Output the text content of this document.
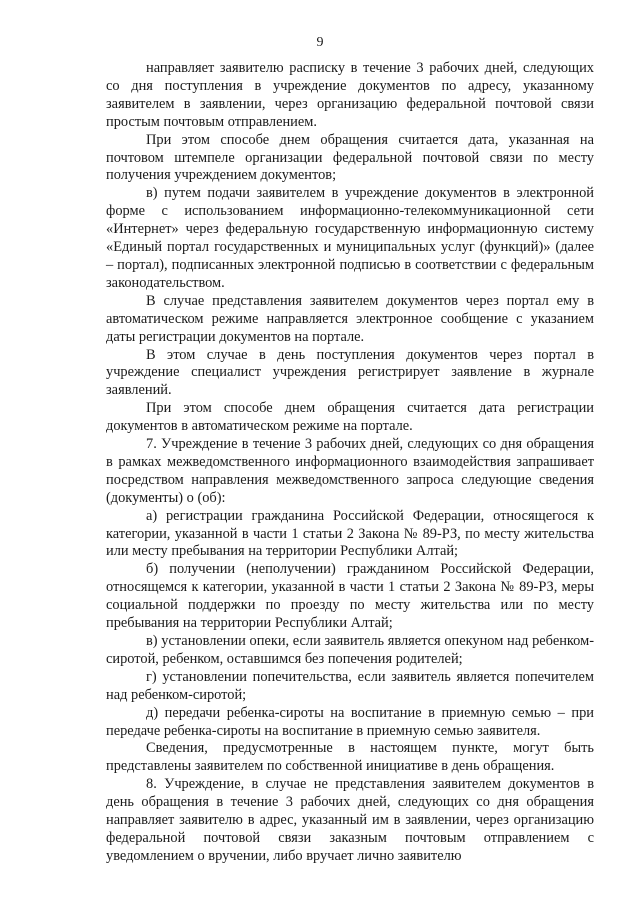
9

направляет заявителю расписку в течение 3 рабочих дней, следующих со дня поступления в учреждение документов по адресу, указанному заявителем в заявлении, через организацию федеральной почтовой связи простым почтовым отправлением.

При этом способе днем обращения считается дата, указанная на почтовом штемпеле организации федеральной почтовой связи по месту получения учреждением документов;

в) путем подачи заявителем в учреждение документов в электронной форме с использованием информационно-телекоммуникационной сети «Интернет» через федеральную государственную информационную систему «Единый портал государственных и муниципальных услуг (функций)» (далее – портал), подписанных электронной подписью в соответствии с федеральным законодательством.

В случае представления заявителем документов через портал ему в автоматическом режиме направляется электронное сообщение с указанием даты регистрации документов на портале.

В этом случае в день поступления документов через портал в учреждение специалист учреждения регистрирует заявление в журнале заявлений.

При этом способе днем обращения считается дата регистрации документов в автоматическом режиме на портале.

7. Учреждение в течение 3 рабочих дней, следующих со дня обращения в рамках межведомственного информационного взаимодействия запрашивает посредством направления межведомственного запроса следующие сведения (документы) о (об):

а) регистрации гражданина Российской Федерации, относящегося к категории, указанной в части 1 статьи 2 Закона № 89-РЗ, по месту жительства или месту пребывания на территории Республики Алтай;

б) получении (неполучении) гражданином Российской Федерации, относящемся к категории, указанной в части 1 статьи 2 Закона № 89-РЗ, меры социальной поддержки по проезду по месту жительства или по месту пребывания на территории Республики Алтай;

в) установлении опеки, если заявитель является опекуном над ребенком-сиротой, ребенком, оставшимся без попечения родителей;

г) установлении попечительства, если заявитель является попечителем над ребенком-сиротой;

д) передачи ребенка-сироты на воспитание в приемную семью – при передаче ребенка-сироты на воспитание в приемную семью заявителя.

Сведения, предусмотренные в настоящем пункте, могут быть представлены заявителем по собственной инициативе в день обращения.

8. Учреждение, в случае не представления заявителем документов в день обращения в течение 3 рабочих дней, следующих со дня обращения направляет заявителю в адрес, указанный им в заявлении, через организацию федеральной почтовой связи заказным почтовым отправлением с уведомлением о вручении, либо вручает лично заявителю
